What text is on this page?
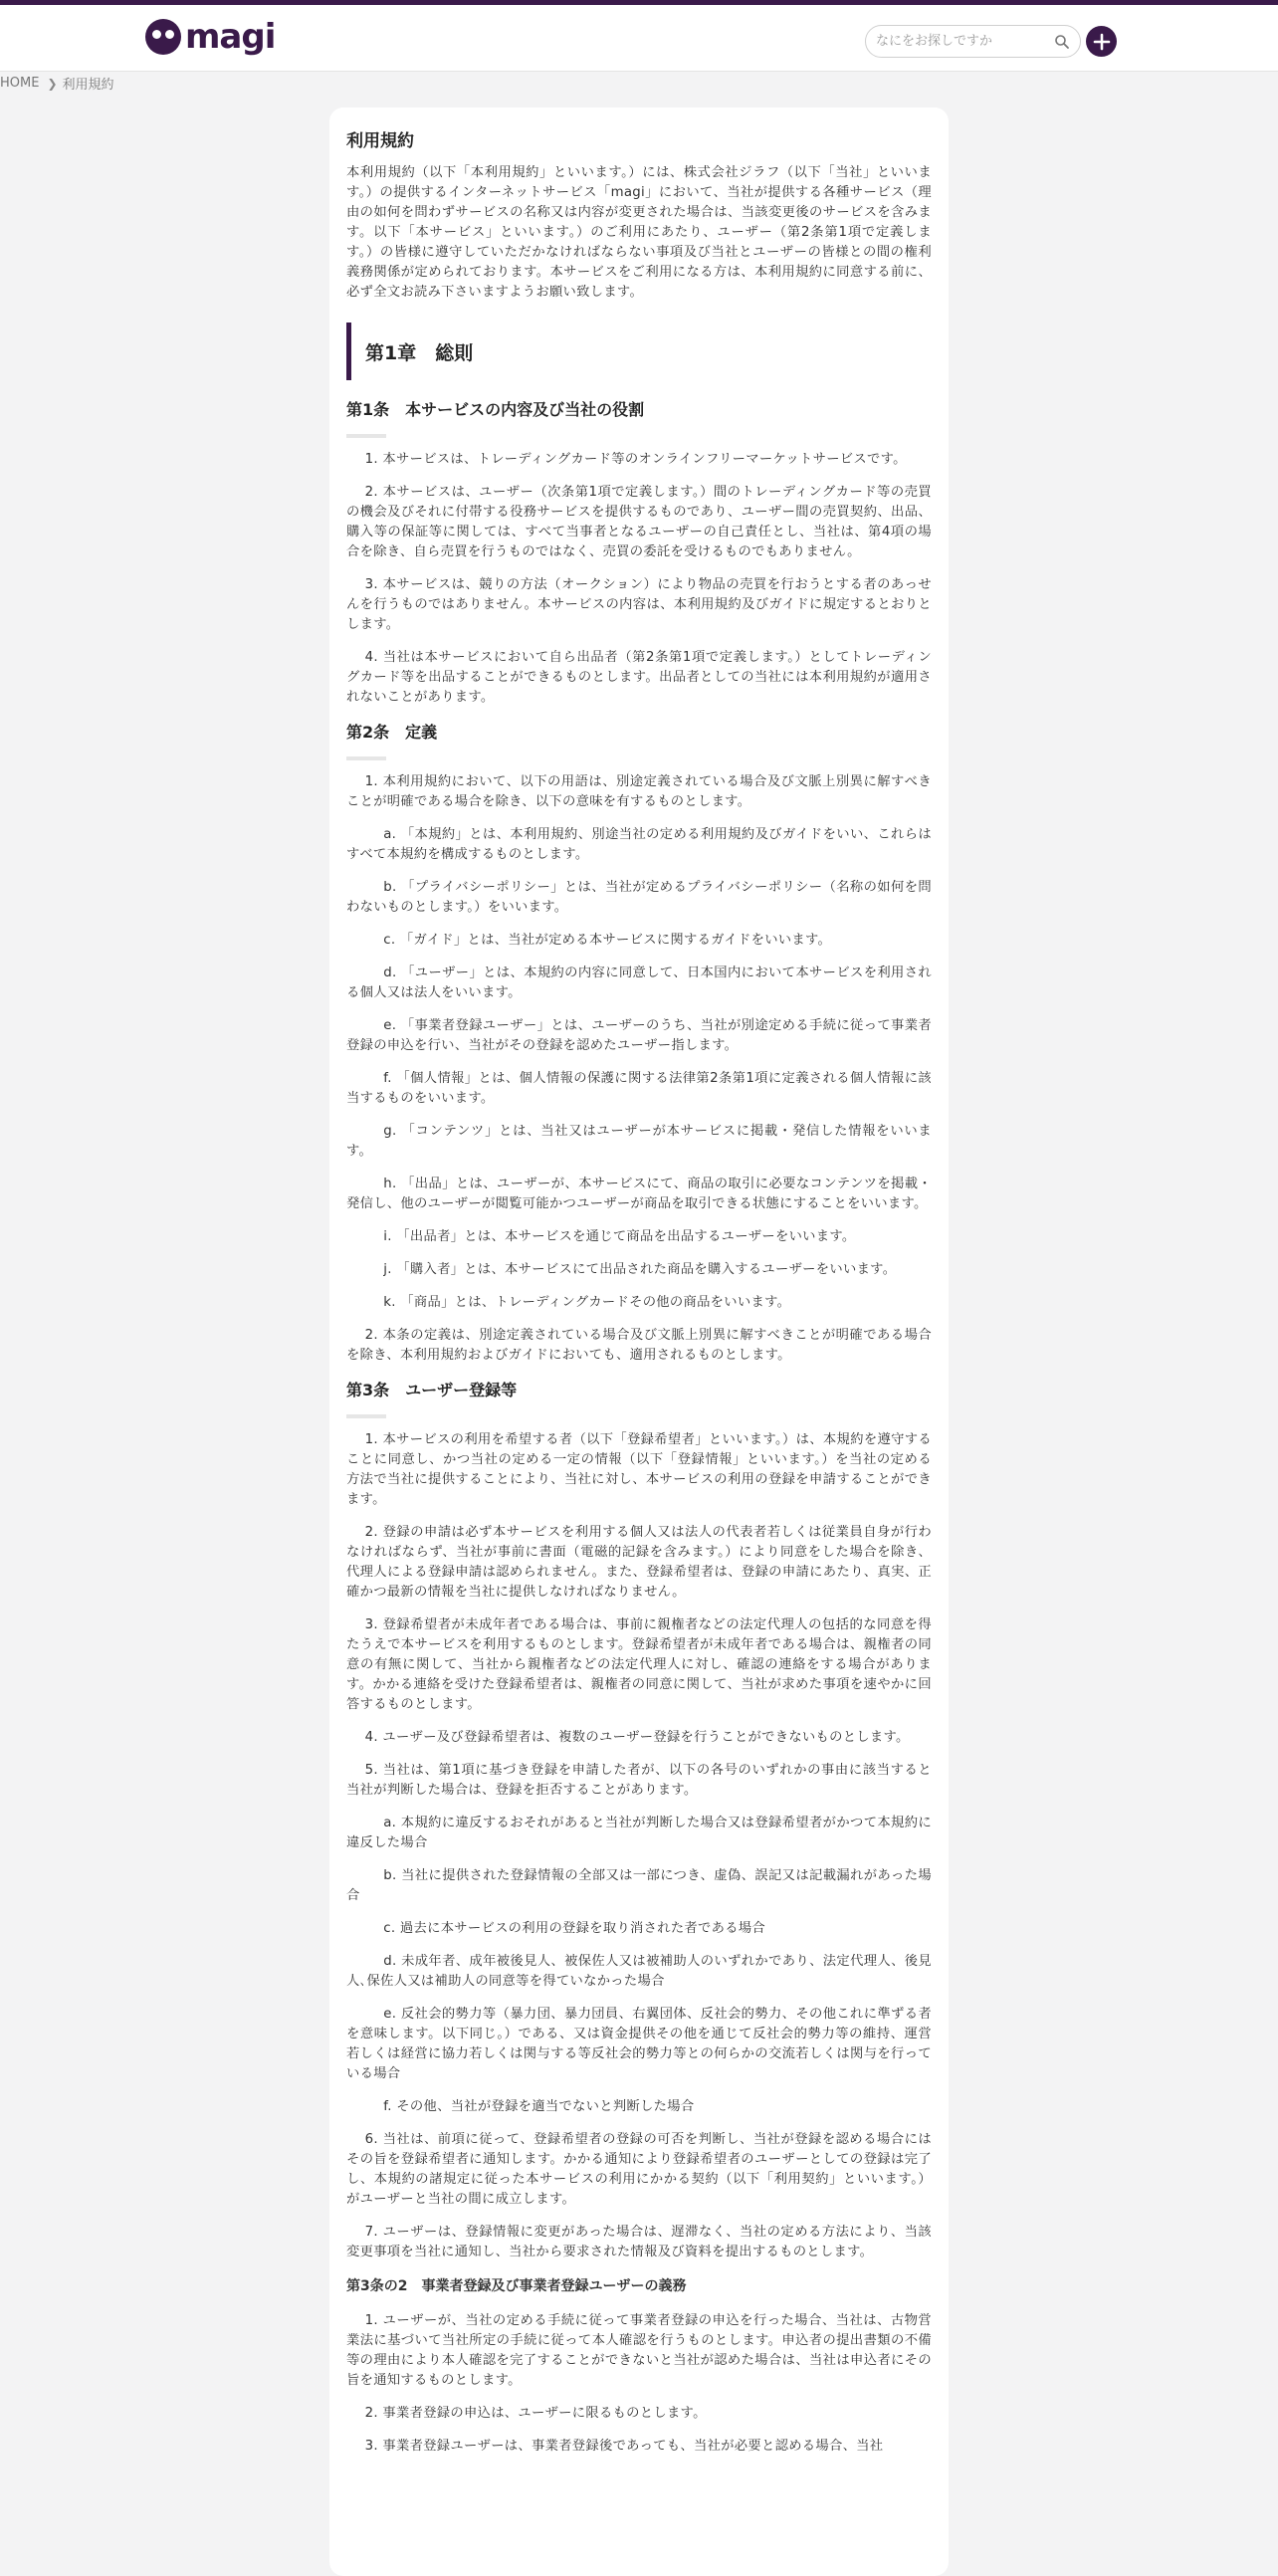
magi
なにをお探しですか
HOME ❯ 利用規約
利用規約

本利用規約（以下「本利用規約」といいます。）には、株式会社ジラフ（以下「当社」といいます。）の提供するインターネットサービス「magi」において、当社が提供する各種サービス（理由の如何を問わずサービスの名称又は内容が変更された場合は、当該変更後のサービスを含みます。以下「本サービス」といいます。）のご利用にあたり、ユーザー（第2条第1項で定義します。）の皆様に遵守していただかなければならない事項及び当社とユーザーの皆様との間の権利義務関係が定められております。本サービスをご利用になる方は、本利用規約に同意する前に、必ず全文お読み下さいますようお願い致します。

第1章　総則
第1条　本サービスの内容及び当社の役割

1. 本サービスは、トレーディングカード等のオンラインフリーマーケットサービスです。

2. 本サービスは、ユーザー（次条第1項で定義します。）間のトレーディングカード等の売買の機会及びそれに付帯する役務サービスを提供するものであり、ユーザー間の売買契約、出品、購入等の保証等に関しては、すべて当事者となるユーザーの自己責任とし、当社は、第4項の場合を除き、自ら売買を行うものではなく、売買の委託を受けるものでもありません。

3. 本サービスは、競りの方法（オークション）により物品の売買を行おうとする者のあっせんを行うものではありません。本サービスの内容は、本利用規約及びガイドに規定するとおりとします。

4. 当社は本サービスにおいて自ら出品者（第2条第1項で定義します。）としてトレーディングカード等を出品することができるものとします。出品者としての当社には本利用規約が適用されないことがあります。

第2条　定義

1. 本利用規約において、以下の用語は、別途定義されている場合及び文脈上別異に解すべきことが明確である場合を除き、以下の意味を有するものとします。

a. 「本規約」とは、本利用規約、別途当社の定める利用規約及びガイドをいい、これらはすべて本規約を構成するものとします。

b. 「プライバシーポリシー」とは、当社が定めるプライバシーポリシー（名称の如何を問わないものとします。）をいいます。

c. 「ガイド」とは、当社が定める本サービスに関するガイドをいいます。

d. 「ユーザー」とは、本規約の内容に同意して、日本国内において本サービスを利用される個人又は法人をいいます。

e. 「事業者登録ユーザー」とは、ユーザーのうち、当社が別途定める手続に従って事業者登録の申込を行い、当社がその登録を認めたユーザー指します。

f. 「個人情報」とは、個人情報の保護に関する法律第2条第1項に定義される個人情報に該当するものをいいます。

g. 「コンテンツ」とは、当社又はユーザーが本サービスに掲載・発信した情報をいいます。

h. 「出品」とは、ユーザーが、本サービスにて、商品の取引に必要なコンテンツを掲載・発信し、他のユーザーが閲覧可能かつユーザーが商品を取引できる状態にすることをいいます。

i. 「出品者」とは、本サービスを通じて商品を出品するユーザーをいいます。

j. 「購入者」とは、本サービスにて出品された商品を購入するユーザーをいいます。

k. 「商品」とは、トレーディングカードその他の商品をいいます。

2. 本条の定義は、別途定義されている場合及び文脈上別異に解すべきことが明確である場合を除き、本利用規約およびガイドにおいても、適用されるものとします。

第3条　ユーザー登録等

1. 本サービスの利用を希望する者（以下「登録希望者」といいます。）は、本規約を遵守することに同意し、かつ当社の定める一定の情報（以下「登録情報」といいます。）を当社の定める方法で当社に提供することにより、当社に対し、本サービスの利用の登録を申請することができます。

2. 登録の申請は必ず本サービスを利用する個人又は法人の代表者若しくは従業員自身が行わなければならず、当社が事前に書面（電磁的記録を含みます。）により同意をした場合を除き、代理人による登録申請は認められません。また、登録希望者は、登録の申請にあたり、真実、正確かつ最新の情報を当社に提供しなければなりません。

3. 登録希望者が未成年者である場合は、事前に親権者などの法定代理人の包括的な同意を得たうえで本サービスを利用するものとします。登録希望者が未成年者である場合は、親権者の同意の有無に関して、当社から親権者などの法定代理人に対し、確認の連絡をする場合があります。かかる連絡を受けた登録希望者は、親権者の同意に関して、当社が求めた事項を速やかに回答するものとします。

4. ユーザー及び登録希望者は、複数のユーザー登録を行うことができないものとします。

5. 当社は、第1項に基づき登録を申請した者が、以下の各号のいずれかの事由に該当すると当社が判断した場合は、登録を拒否することがあります。

a. 本規約に違反するおそれがあると当社が判断した場合又は登録希望者がかつて本規約に違反した場合

b. 当社に提供された登録情報の全部又は一部につき、虚偽、誤記又は記載漏れがあった場合

c. 過去に本サービスの利用の登録を取り消された者である場合

d. 未成年者、成年被後見人、被保佐人又は被補助人のいずれかであり、法定代理人、後見人､保佐人又は補助人の同意等を得ていなかった場合

e. 反社会的勢力等（暴力団、暴力団員、右翼団体、反社会的勢力、その他これに準ずる者を意味します。以下同じ。）である、又は資金提供その他を通じて反社会的勢力等の維持、運営若しくは経営に協力若しくは関与する等反社会的勢力等との何らかの交流若しくは関与を行っている場合

f. その他、当社が登録を適当でないと判断した場合

6. 当社は、前項に従って、登録希望者の登録の可否を判断し、当社が登録を認める場合にはその旨を登録希望者に通知します。かかる通知により登録希望者のユーザーとしての登録は完了し、本規約の諸規定に従った本サービスの利用にかかる契約（以下「利用契約」といいます。）がユーザーと当社の間に成立します。

7. ユーザーは、登録情報に変更があった場合は、遅滞なく、当社の定める方法により、当該変更事項を当社に通知し、当社から要求された情報及び資料を提出するものとします。

第3条の2　事業者登録及び事業者登録ユーザーの義務

1. ユーザーが、当社の定める手続に従って事業者登録の申込を行った場合、当社は、古物営業法に基づいて当社所定の手続に従って本人確認を行うものとします。申込者の提出書類の不備等の理由により本人確認を完了することができないと当社が認めた場合は、当社は申込者にその旨を通知するものとします。

2. 事業者登録の申込は、ユーザーに限るものとします。

3. 事業者登録ユーザーは、事業者登録後であっても、当社が必要と認める場合、当社
